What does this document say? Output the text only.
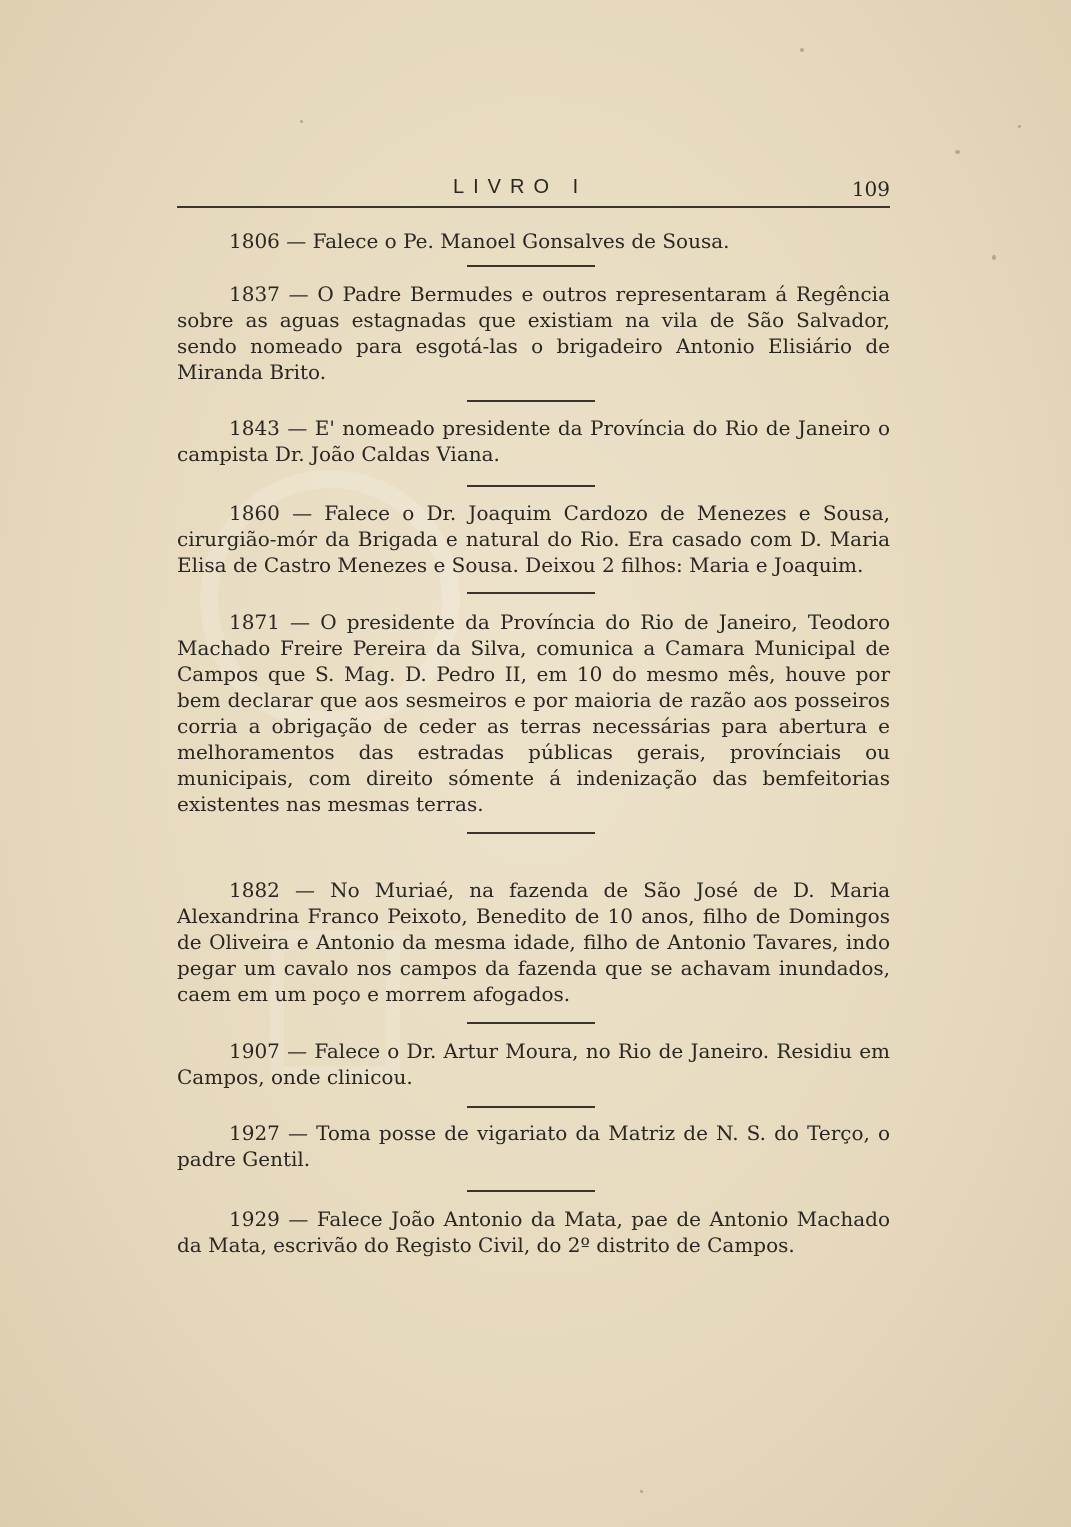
LIVRO I	109

1806 — Falece o Pe. Manoel Gonsalves de Sousa.

1837 — O Padre Bermudes e outros representaram á Regência sobre as aguas estagnadas que existiam na vila de São Salvador, sendo nomeado para esgotá-las o brigadeiro Antonio Elisiário de Miranda Brito.

1843 — E' nomeado presidente da Província do Rio de Janeiro o campista Dr. João Caldas Viana.

1860 — Falece o Dr. Joaquim Cardozo de Menezes e Sousa, cirurgião-mór da Brigada e natural do Rio. Era casado com D. Maria Elisa de Castro Menezes e Sousa. Deixou 2 filhos: Maria e Joaquim.

1871 — O presidente da Província do Rio de Janeiro, Teodoro Machado Freire Pereira da Silva, comunica a Camara Municipal de Campos que S. Mag. D. Pedro II, em 10 do mesmo mês, houve por bem declarar que aos sesmeiros e por maioria de razão aos posseiros corria a obrigação de ceder as terras necessárias para abertura e melhoramentos das estradas públicas gerais, provínciais ou municipais, com direito sómente á indenização das bemfeitorias existentes nas mesmas terras.

1882 — No Muriaé, na fazenda de São José de D. Maria Alexandrina Franco Peixoto, Benedito de 10 anos, filho de Domingos de Oliveira e Antonio da mesma idade, filho de Antonio Tavares, indo pegar um cavalo nos campos da fazenda que se achavam inundados, caem em um poço e morrem afogados.

1907 — Falece o Dr. Artur Moura, no Rio de Janeiro. Residiu em Campos, onde clinicou.

1927 — Toma posse de vigariato da Matriz de N. S. do Terço, o padre Gentil.

1929 — Falece João Antonio da Mata, pae de Antonio Machado da Mata, escrivão do Registo Civil, do 2º distrito de Campos.
